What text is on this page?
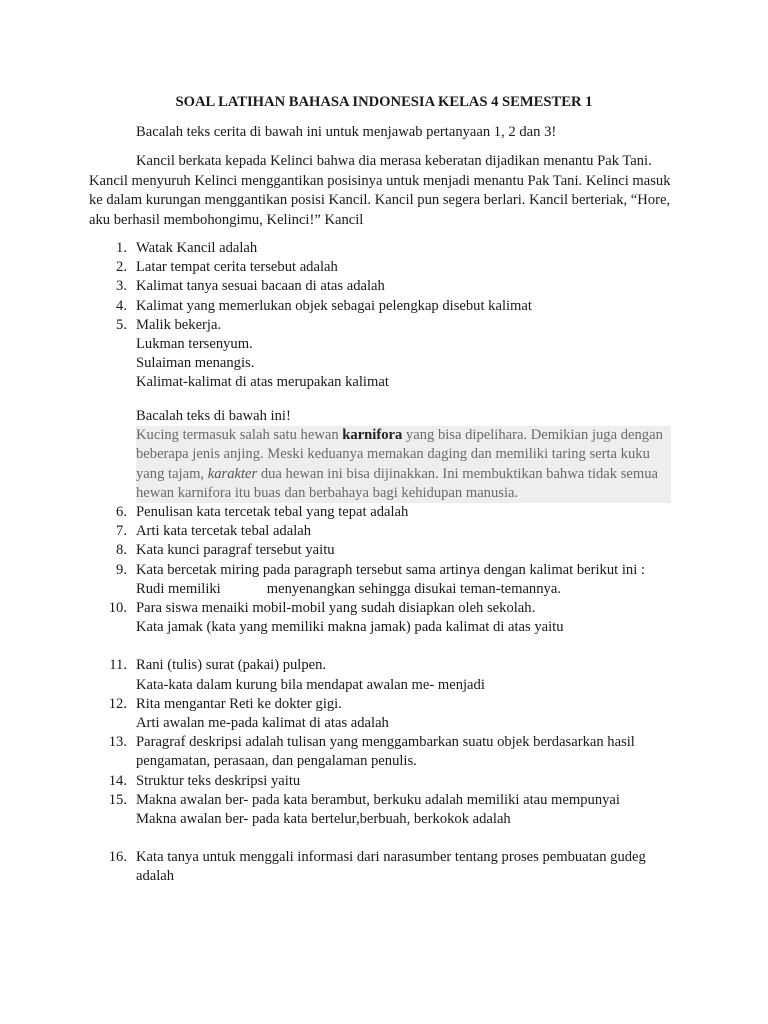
SOAL LATIHAN BAHASA INDONESIA KELAS 4 SEMESTER 1
Bacalah teks cerita di bawah ini untuk menjawab pertanyaan 1, 2 dan 3!

Kancil berkata kepada Kelinci bahwa dia merasa keberatan dijadikan menantu Pak Tani. Kancil menyuruh Kelinci menggantikan posisinya untuk menjadi menantu Pak Tani. Kelinci masuk ke dalam kurungan menggantikan posisi Kancil. Kancil pun segera berlari. Kancil berteriak, “Hore, aku berhasil membohongimu, Kelinci!” Kancil

1. Watak Kancil adalah
2. Latar tempat cerita tersebut adalah
3. Kalimat tanya sesuai bacaan di atas adalah
4. Kalimat yang memerlukan objek sebagai pelengkap disebut kalimat
5. Malik bekerja.
Lukman tersenyum.
Sulaiman menangis.
Kalimat-kalimat di atas merupakan kalimat
Bacalah teks di bawah ini!

Kucing termasuk salah satu hewan karnifora yang bisa dipelihara. Demikian juga dengan beberapa jenis anjing. Meski keduanya memakan daging dan memiliki taring serta kuku yang tajam, karakter dua hewan ini bisa dijinakkan. Ini membuktikan bahwa tidak semua hewan karnifora itu buas dan berbahaya bagi kehidupan manusia.

6. Penulisan kata tercetak tebal yang tepat adalah
7. Arti kata tercetak tebal adalah
8. Kata kunci paragraf tersebut yaitu
9. Kata bercetak miring pada paragraph tersebut sama artinya dengan kalimat berikut ini :
Rudi memiliki	menyenangkan sehingga disukai teman-temannya.
10. Para siswa menaiki mobil-mobil yang sudah disiapkan oleh sekolah.
Kata jamak (kata yang memiliki makna jamak) pada kalimat di atas yaitu
11. Rani (tulis) surat (pakai) pulpen.
Kata-kata dalam kurung bila mendapat awalan me- menjadi
12. Rita mengantar Reti ke dokter gigi.
Arti awalan me-pada kalimat di atas adalah
13. Paragraf deskripsi adalah tulisan yang menggambarkan suatu objek berdasarkan hasil pengamatan, perasaan, dan pengalaman penulis.
14. Struktur teks deskripsi yaitu
15. Makna awalan ber- pada kata berambut, berkuku adalah memiliki atau mempunyai
Makna awalan ber- pada kata bertelur,berbuah, berkokok adalah
16. Kata tanya untuk menggali informasi dari narasumber tentang proses pembuatan gudeg adalah
